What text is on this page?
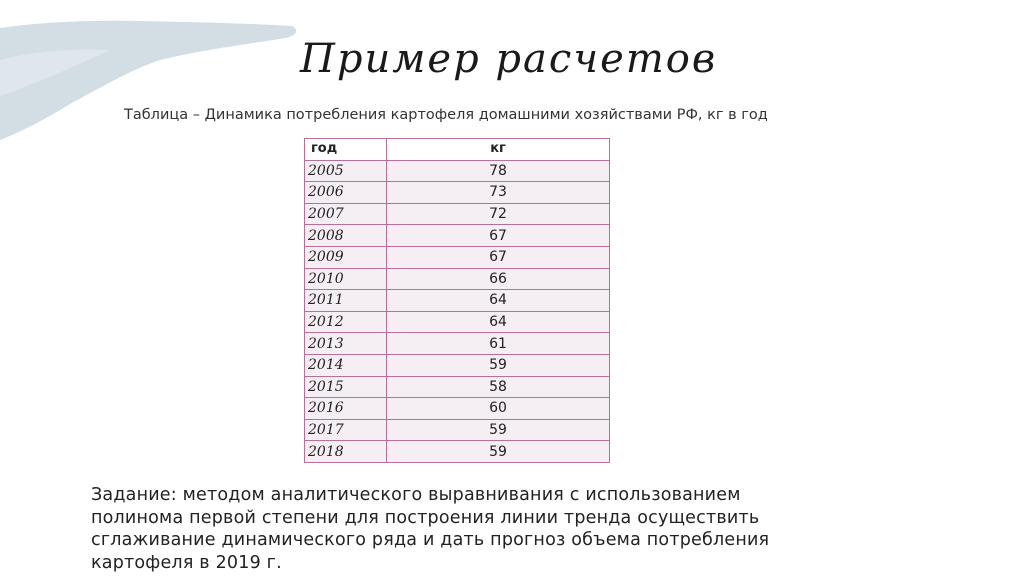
Пример расчетов
Таблица – Динамика потребления картофеля домашними хозяйствами РФ, кг в год
год	кг
2005	78
2006	73
2007	72
2008	67
2009	67
2010	66
2011	64
2012	64
2013	61
2014	59
2015	58
2016	60
2017	59
2018	59
Задание: методом аналитического выравнивания с использованием
полинома первой степени для построения линии тренда осуществить
сглаживание динамического ряда и дать прогноз объема потребления
картофеля в 2019 г.
